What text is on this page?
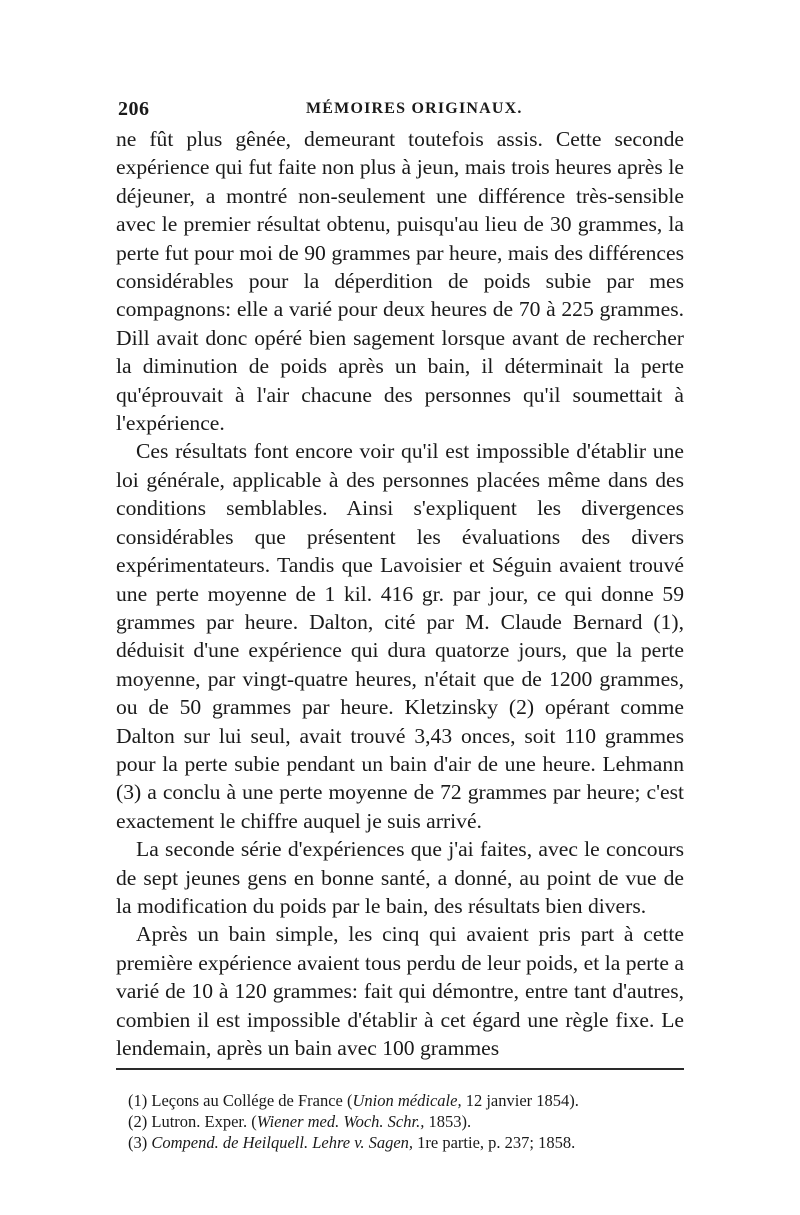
206	MÉMOIRES ORIGINAUX.

ne fût plus gênée, demeurant toutefois assis. Cette seconde expérience qui fut faite non plus à jeun, mais trois heures après le déjeuner, a montré non-seulement une différence très-sensible avec le premier résultat obtenu, puisqu'au lieu de 30 grammes, la perte fut pour moi de 90 grammes par heure, mais des différences considérables pour la déperdition de poids subie par mes compagnons: elle a varié pour deux heures de 70 à 225 grammes. Dill avait donc opéré bien sagement lorsque avant de rechercher la diminution de poids après un bain, il déterminait la perte qu'éprouvait à l'air chacune des personnes qu'il soumettait à l'expérience.

Ces résultats font encore voir qu'il est impossible d'établir une loi générale, applicable à des personnes placées même dans des conditions semblables. Ainsi s'expliquent les divergences considérables que présentent les évaluations des divers expérimentateurs. Tandis que Lavoisier et Séguin avaient trouvé une perte moyenne de 1 kil. 416 gr. par jour, ce qui donne 59 grammes par heure. Dalton, cité par M. Claude Bernard (1), déduisit d'une expérience qui dura quatorze jours, que la perte moyenne, par vingt-quatre heures, n'était que de 1200 grammes, ou de 50 grammes par heure. Kletzinsky (2) opérant comme Dalton sur lui seul, avait trouvé 3,43 onces, soit 110 grammes pour la perte subie pendant un bain d'air de une heure. Lehmann (3) a conclu à une perte moyenne de 72 grammes par heure; c'est exactement le chiffre auquel je suis arrivé.

La seconde série d'expériences que j'ai faites, avec le concours de sept jeunes gens en bonne santé, a donné, au point de vue de la modification du poids par le bain, des résultats bien divers.

Après un bain simple, les cinq qui avaient pris part à cette première expérience avaient tous perdu de leur poids, et la perte a varié de 10 à 120 grammes: fait qui démontre, entre tant d'autres, combien il est impossible d'établir à cet égard une règle fixe. Le lendemain, après un bain avec 100 grammes

(1) Leçons au Collége de France (Union médicale, 12 janvier 1854).
(2) Lutron. Exper. (Wiener med. Woch. Schr., 1853).
(3) Compend. de Heilquell. Lehre v. Sagen, 1re partie, p. 237; 1858.
